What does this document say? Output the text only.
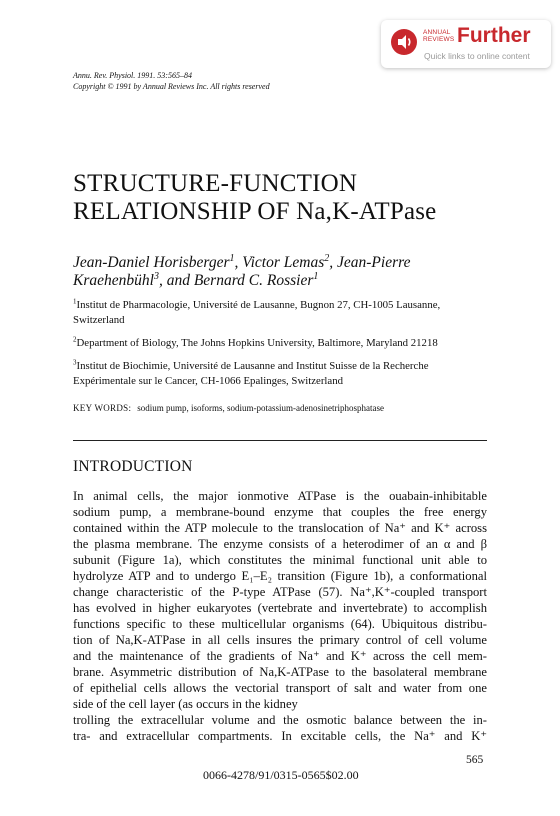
ANNUAL
REVIEWS Further
Quick links to online content
Annu. Rev. Physiol. 1991. 53:565–84
Copyright © 1991 by Annual Reviews Inc. All rights reserved
STRUCTURE-FUNCTION
RELATIONSHIP OF Na,K-ATPase
Jean-Daniel Horisberger$^1$, Victor Lemas$^2$, Jean-Pierre
Kraehenbühl$^3$, and Bernard C. Rossier$^1$
$^1$Institut de Pharmacologie, Université de Lausanne, Bugnon 27, CH-1005 Lausanne,
Switzerland
$^2$Department of Biology, The Johns Hopkins University, Baltimore, Maryland 21218
$^3$Institut de Biochimie, Université de Lausanne and Institut Suisse de la Recherche
Expérimentale sur le Cancer, CH-1066 Epalinges, Switzerland
KEY WORDS: sodium pump, isoforms, sodium-potassium-adenosinetriphosphatase
INTRODUCTION
In animal cells, the major ionmotive ATPase is the ouabain-inhibitable
sodium pump, a membrane-bound enzyme that couples the free energy
contained within the ATP molecule to the translocation of Na⁺ and K⁺ across
the plasma membrane. The enzyme consists of a heterodimer of an α and β
subunit (Figure 1a), which constitutes the minimal functional unit able to
hydrolyze ATP and to undergo E₁–E₂ transition (Figure 1b), a conformational
change characteristic of the P-type ATPase (57). Na⁺,K⁺-coupled transport
has evolved in higher eukaryotes (vertebrate and invertebrate) to accomplish
functions specific to these multicellular organisms (64). Ubiquitous distribu-
tion of Na,K-ATPase in all cells insures the primary control of cell volume
and the maintenance of the gradients of Na⁺ and K⁺ across the cell mem-
brane. Asymmetric distribution of Na,K-ATPase to the basolateral membrane
of epithelial cells allows the vectorial transport of salt and water from one
side of the cell layer (as occurs in the kidney
trolling the extracellular volume and the osmotic balance between the in-
tra- and extracellular compartments. In excitable cells, the Na⁺ and K⁺
565
0066-4278/91/0315-0565$02.00
